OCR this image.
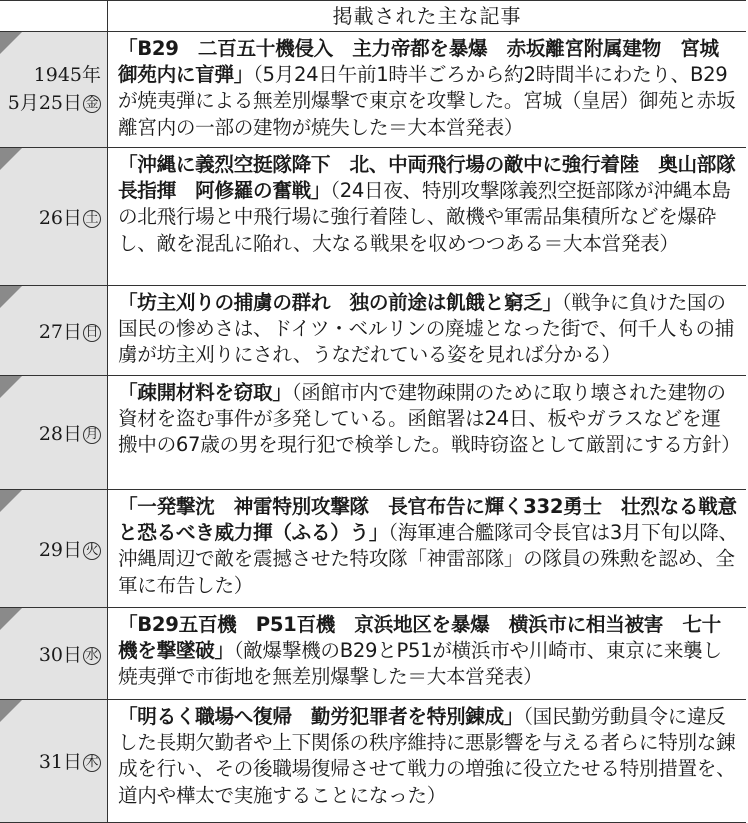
掲載された主な記事
1945年
5月25日 金
「B29　二百五十機侵入　主力帝都を暴爆　赤坂離宮附属建物　宮城御苑内に盲弾」（5月24日午前1時半ごろから約2時間半にわたり、B29が焼夷弾による無差別爆撃で東京を攻撃した。宮城（皇居）御苑と赤坂離宮内の一部の建物が焼失した＝大本営発表）
26日 土
「沖縄に義烈空挺隊降下　北、中両飛行場の敵中に強行着陸　奥山部隊長指揮　阿修羅の奮戦」（24日夜、特別攻撃隊義烈空挺部隊が沖縄本島の北飛行場と中飛行場に強行着陸し、敵機や軍需品集積所などを爆砕し、敵を混乱に陥れ、大なる戦果を収めつつある＝大本営発表）
27日 日
「坊主刈りの捕虜の群れ　独の前途は飢餓と窮乏」（戦争に負けた国の国民の惨めさは、ドイツ・ベルリンの廃墟となった街で、何千人もの捕虜が坊主刈りにされ、うなだれている姿を見れば分かる）
28日 月
「疎開材料を窃取」（函館市内で建物疎開のために取り壊された建物の資材を盗む事件が多発している。函館署は24日、板やガラスなどを運搬中の67歳の男を現行犯で検挙した。戦時窃盗として厳罰にする方針）
29日 火
「一発撃沈　神雷特別攻撃隊　長官布告に輝く332勇士　壮烈なる戦意と恐るべき威力揮（ふる）う」（海軍連合艦隊司令長官は3月下旬以降、沖縄周辺で敵を震撼させた特攻隊「神雷部隊」の隊員の殊勲を認め、全軍に布告した）
30日 水
「B29五百機　P51百機　京浜地区を暴爆　横浜市に相当被害　七十機を撃墜破」（敵爆撃機のB29とP51が横浜市や川崎市、東京に来襲し焼夷弾で市街地を無差別爆撃した＝大本営発表）
31日 木
「明るく職場へ復帰　勤労犯罪者を特別錬成」（国民勤労動員令に違反した長期欠勤者や上下関係の秩序維持に悪影響を与える者らに特別な錬成を行い、その後職場復帰させて戦力の増強に役立たせる特別措置を、道内や樺太で実施することになった）
